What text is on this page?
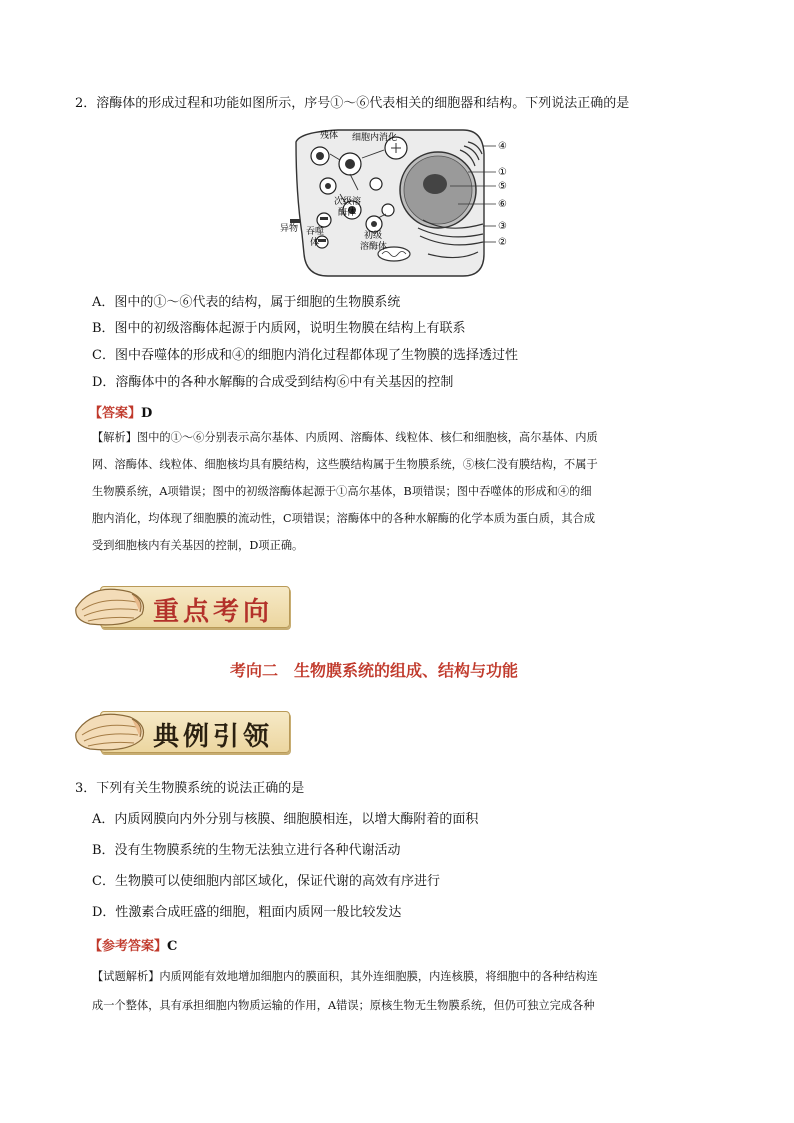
2．溶酶体的形成过程和功能如图所示，序号①～⑥代表相关的细胞器和结构。下列说法正确的是
残体 细胞内消化
次级溶
酶体
吞噬
体
异物
初级
溶酶体
④
①
⑤
⑥
③
②
A．图中的①～⑥代表的结构，属于细胞的生物膜系统
B．图中的初级溶酶体起源于内质网，说明生物膜在结构上有联系
C．图中吞噬体的形成和④的细胞内消化过程都体现了生物膜的选择透过性
D．溶酶体中的各种水解酶的合成受到结构⑥中有关基因的控制
【答案】D

【解析】图中的①～⑥分别表示高尔基体、内质网、溶酶体、线粒体、核仁和细胞核，高尔基体、内质

网、溶酶体、线粒体、细胞核均具有膜结构，这些膜结构属于生物膜系统，⑤核仁没有膜结构，不属于

生物膜系统，A项错误；图中的初级溶酶体起源于①高尔基体，B项错误；图中吞噬体的形成和④的细

胞内消化，均体现了细胞膜的流动性，C项错误；溶酶体中的各种水解酶的化学本质为蛋白质，其合成

受到细胞核内有关基因的控制，D项正确。

重点考向
考向二　生物膜系统的组成、结构与功能
典例引领
3．下列有关生物膜系统的说法正确的是
A．内质网膜向内外分别与核膜、细胞膜相连，以增大酶附着的面积
B．没有生物膜系统的生物无法独立进行各种代谢活动
C．生物膜可以使细胞内部区域化，保证代谢的高效有序进行
D．性激素合成旺盛的细胞，粗面内质网一般比较发达
【参考答案】C

【试题解析】内质网能有效地增加细胞内的膜面积，其外连细胞膜，内连核膜，将细胞中的各种结构连

成一个整体，具有承担细胞内物质运输的作用，A错误；原核生物无生物膜系统，但仍可独立完成各种
